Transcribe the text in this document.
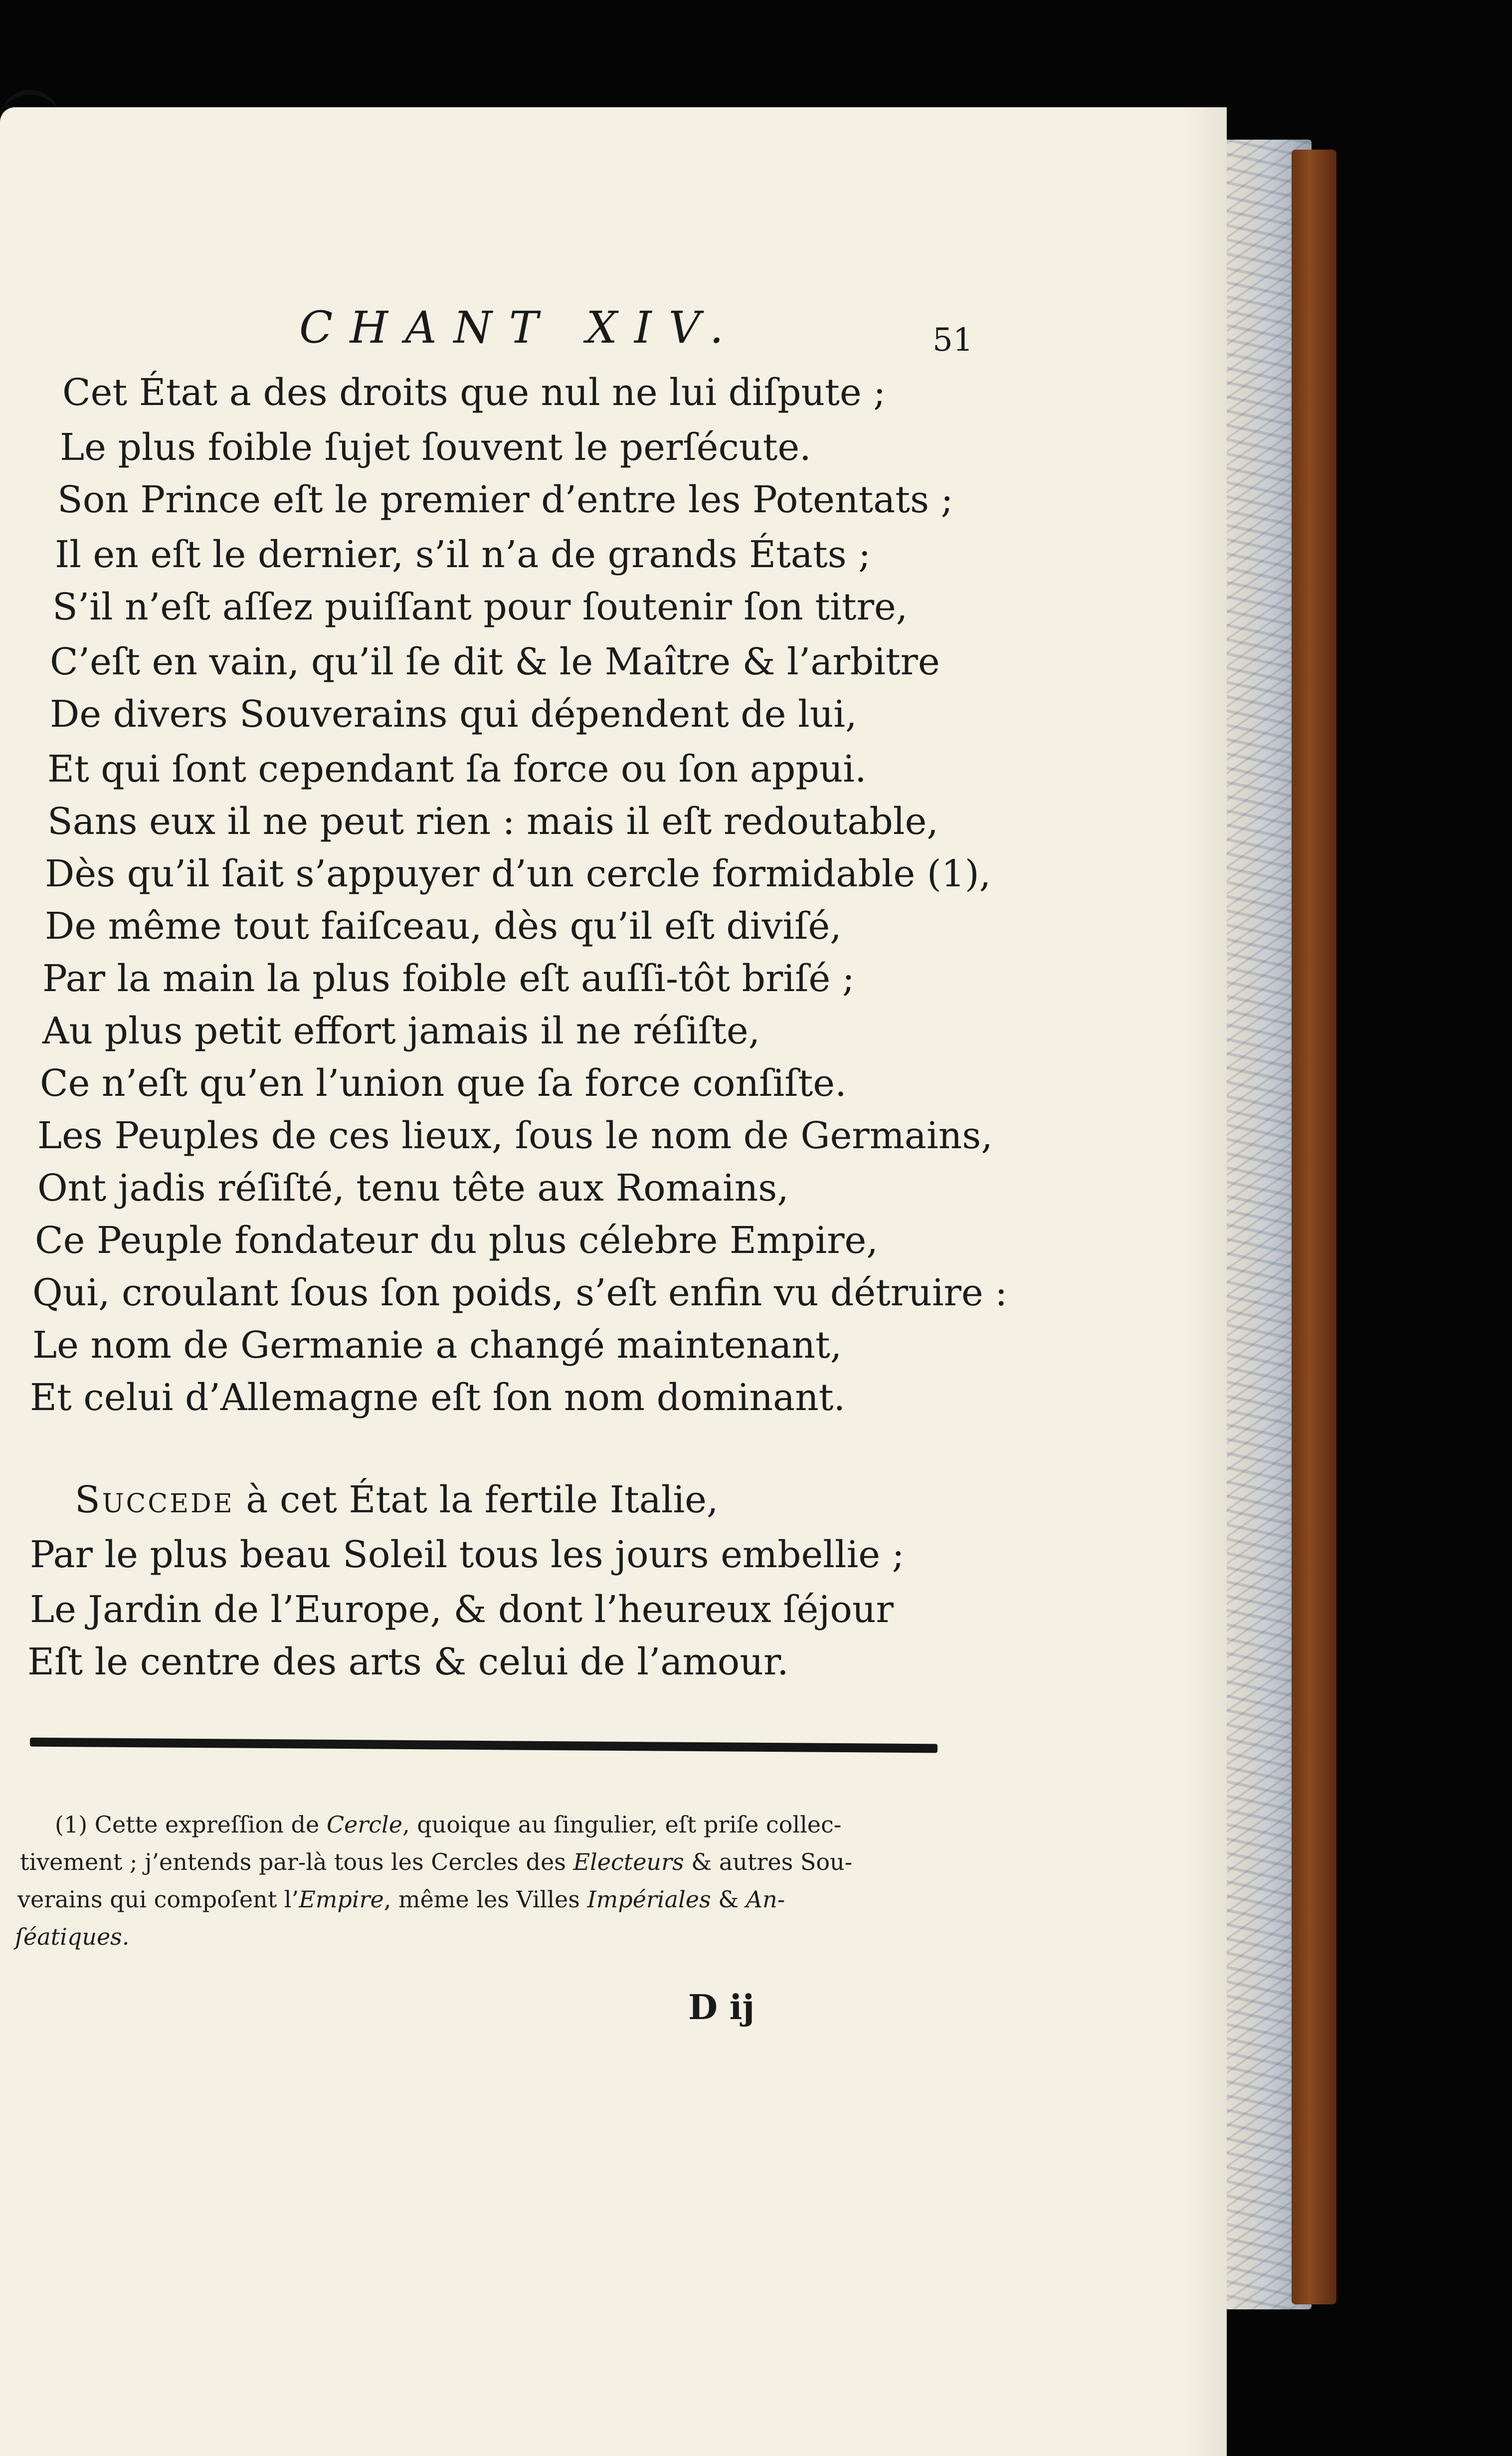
CHANT XIV.	51
Cet État a des droits que nul ne lui diſpute ;
Le plus foible ſujet ſouvent le perſécute.
Son Prince eſt le premier d’entre les Potentats ;
Il en eſt le dernier, s’il n’a de grands États ;
S’il n’eſt aſſez puiſſant pour ſoutenir ſon titre,
C’eſt en vain, qu’il ſe dit & le Maître & l’arbitre
De divers Souverains qui dépendent de lui,
Et qui ſont cependant ſa force ou ſon appui.
Sans eux il ne peut rien : mais il eſt redoutable,
Dès qu’il ſait s’appuyer d’un cercle formidable (1),
De même tout faiſceau, dès qu’il eſt diviſé,
Par la main la plus foible eſt auſſi-tôt briſé ;
Au plus petit effort jamais il ne réſiſte,
Ce n’eſt qu’en l’union que ſa force conſiſte.
Les Peuples de ces lieux, ſous le nom de Germains,
Ont jadis réſiſté, tenu tête aux Romains,
Ce Peuple fondateur du plus célebre Empire,
Qui, croulant ſous ſon poids, s’eſt enfin vu détruire :
Le nom de Germanie a changé maintenant,
Et celui d’Allemagne eſt ſon nom dominant.
Succede à cet État la fertile Italie,
Par le plus beau Soleil tous les jours embellie ;
Le Jardin de l’Europe, & dont l’heureux ſéjour
Eſt le centre des arts & celui de l’amour.
(1) Cette expreſſion de Cercle, quoique au ſingulier, eſt priſe collec-
tivement ; j’entends par-là tous les Cercles des Electeurs & autres Sou-
verains qui compoſent l’Empire, même les Villes Impériales & An-
ſéatiques.
D ij
